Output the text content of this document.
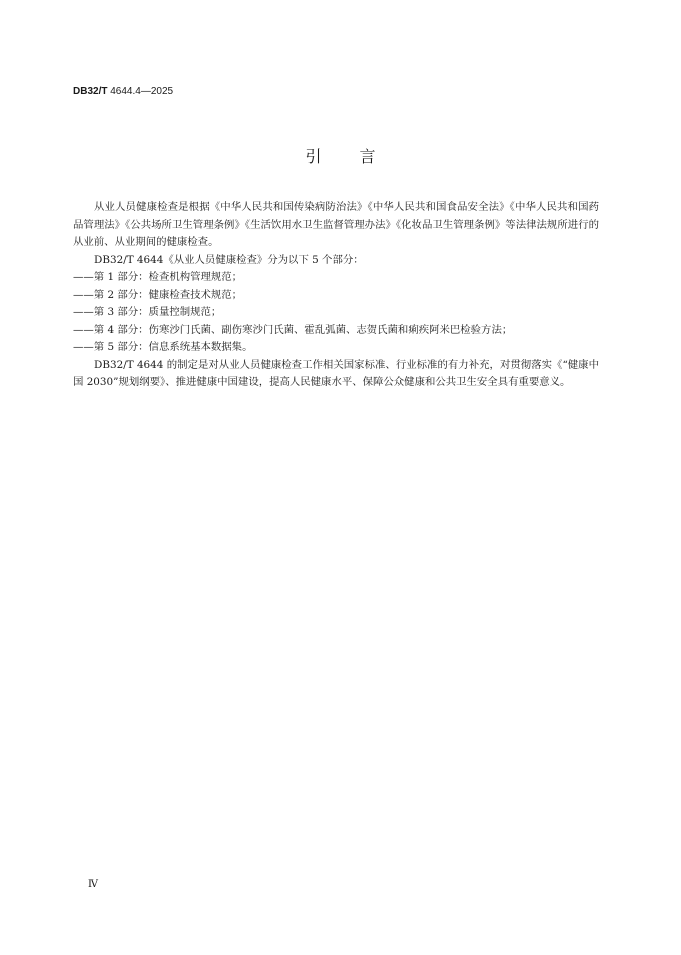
DB32/T 4644.4—2025
引言

从业人员健康检查是根据《中华人民共和国传染病防治法》《中华人民共和国食品安全法》《中华人民共和国药品管理法》《公共场所卫生管理条例》《生活饮用水卫生监督管理办法》《化妆品卫生管理条例》等法律法规所进行的从业前、从业期间的健康检查。

DB32/T 4644《从业人员健康检查》分为以下 5 个部分：

——第 1 部分：检查机构管理规范；

——第 2 部分：健康检查技术规范；

——第 3 部分：质量控制规范；

——第 4 部分：伤寒沙门氏菌、副伤寒沙门氏菌、霍乱弧菌、志贺氏菌和痢疾阿米巴检验方法；

——第 5 部分：信息系统基本数据集。

DB32/T 4644 的制定是对从业人员健康检查工作相关国家标准、行业标准的有力补充，对贯彻落实《“健康中国 2030”规划纲要》、推进健康中国建设，提高人民健康水平、保障公众健康和公共卫生安全具有重要意义。

Ⅳ
